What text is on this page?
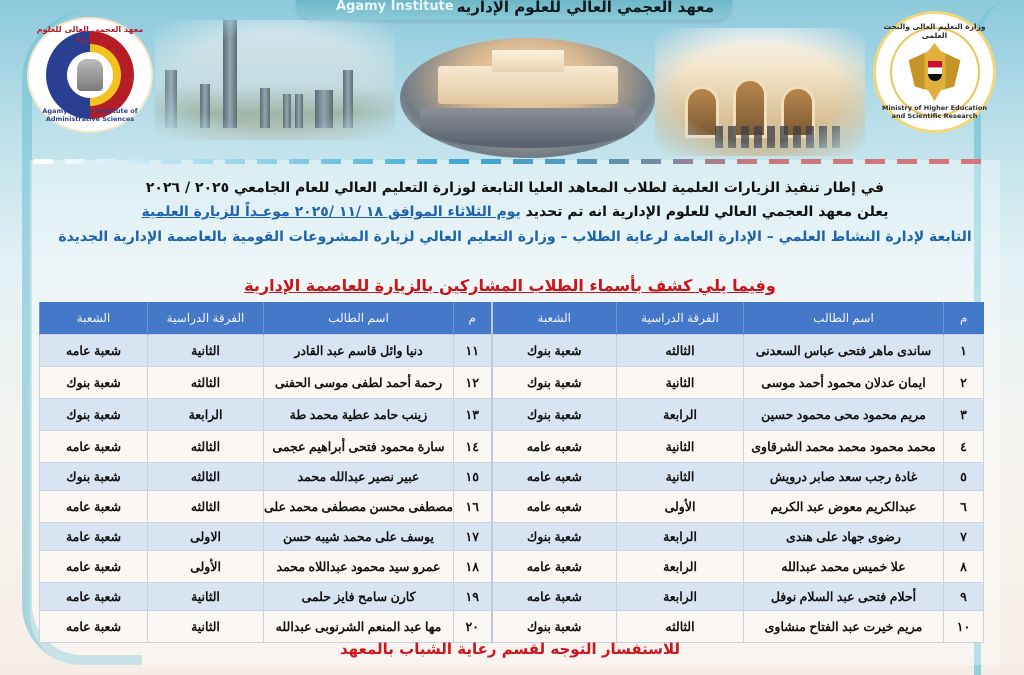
Agamy Institute معهد العجمي العالي للعلوم الإداريه
معهد العجمى العالى للعلوم الإدارية
Agamy Higher Institute of Administrative Sciences
وزارة التعليم العالى والبحث العلمى
Ministry of Higher Education and Scientific Research
في إطار تنفيذ الزيارات العلمية لطلاب المعاهد العليا التابعة لوزارة التعليم العالي للعام الجامعي ٢٠٢٥ / ٢٠٢٦
يعلن معهد العجمي العالي للعلوم الإدارية انه تم تحديد يوم الثلاثاء الموافق ١٨ /١١ /٢٠٢٥ موعـداً للزيارة العلمية
التابعة لإدارة النشاط العلمي – الإدارة العامة لرعاية الطلاب – وزارة التعليم العالي لزيارة المشروعات القومية بالعاصمة الإدارية الجديدة
وفيما يلي كشف بأسماء الطلاب المشاركين بالزيارة للعاصمة الإدارية
م	اسم الطالب	الفرقة الدراسية	الشعبة	م	اسم الطالب	الفرقة الدراسية	الشعبة
١	ساندى ماهر فتحى عباس السعدنى	الثالثه	شعبة بنوك	١١	دنيا وائل قاسم عبد القادر	الثانية	شعبة عامه
٢	ايمان عدلان محمود أحمد موسى	الثانية	شعبة بنوك	١٢	رحمة أحمد لطفى موسى الحفنى	الثالثه	شعبة بنوك
٣	مريم محمود محى محمود حسين	الرابعة	شعبة بنوك	١٣	زينب حامد عطية محمد طة	الرابعة	شعبة بنوك
٤	محمد محمود محمد محمد الشرقاوى	الثانية	شعبه عامه	١٤	سارة محمود فتحى أبراهيم عجمى	الثالثه	شعبة عامه
٥	غادة رجب سعد صابر درويش	الثانية	شعبه عامه	١٥	عبير نصير عبدالله محمد	الثالثه	شعبة بنوك
٦	عبدالكريم معوض عبد الكريم	الأولى	شعبه عامه	١٦	مصطفى محسن مصطفى محمد على	الثالثه	شعبة عامه
٧	رضوى جهاد على هندى	الرابعة	شعبة بنوك	١٧	يوسف على محمد شيبه حسن	الاولى	شعبة عامة
٨	علا خميس محمد عبدالله	الرابعة	شعبة عامه	١٨	عمرو سيد محمود عبداللاه محمد	الأولى	شعبة عامه
٩	أحلام فتحى عبد السلام نوفل	الرابعة	شعبة عامه	١٩	كارن سامح فايز حلمى	الثانية	شعبة عامه
١٠	مريم خيرت عبد الفتاح منشاوى	الثالثه	شعبة بنوك	٢٠	مها عبد المنعم الشرنوبى عبدالله	الثانية	شعبة عامه
للاستفسار التوجه لقسم رعاية الشباب بالمعهد
